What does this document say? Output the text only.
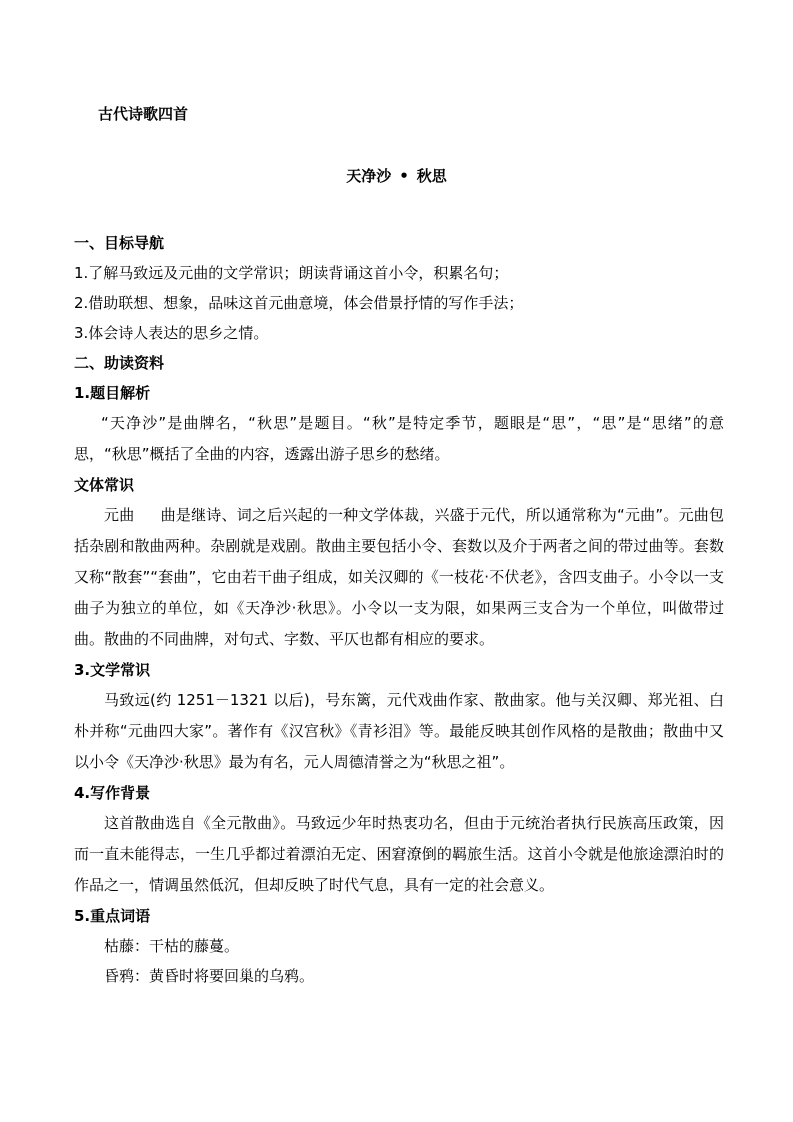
古代诗歌四首
天净沙 • 秋思
一、目标导航
1.了解马致远及元曲的文学常识；朗读背诵这首小令，积累名句；
2.借助联想、想象，品味这首元曲意境，体会借景抒情的写作手法；
3.体会诗人表达的思乡之情。
二、助读资料
1.题目解析

“天净沙”是曲牌名，“秋思”是题目。“秋”是特定季节，题眼是“思”，“思”是“思绪”的意思，“秋思”概括了全曲的内容，透露出游子思乡的愁绪。

文体常识

元曲 曲是继诗、词之后兴起的一种文学体裁，兴盛于元代，所以通常称为“元曲”。元曲包括杂剧和散曲两种。杂剧就是戏剧。散曲主要包括小令、套数以及介于两者之间的带过曲等。套数又称“散套”“套曲”，它由若干曲子组成，如关汉卿的《一枝花·不伏老》，含四支曲子。小令以一支曲子为独立的单位，如《天净沙·秋思》。小令以一支为限，如果两三支合为一个单位，叫做带过曲。散曲的不同曲牌，对句式、字数、平仄也都有相应的要求。

3.文学常识

马致远(约 1251－1321 以后)，号东篱，元代戏曲作家、散曲家。他与关汉卿、郑光祖、白朴并称“元曲四大家”。著作有《汉宫秋》《青衫泪》等。最能反映其创作风格的是散曲；散曲中又以小令《天净沙·秋思》最为有名，元人周德清誉之为“秋思之祖”。

4.写作背景

这首散曲选自《全元散曲》。马致远少年时热衷功名，但由于元统治者执行民族高压政策，因而一直未能得志，一生几乎都过着漂泊无定、困窘潦倒的羁旅生活。这首小令就是他旅途漂泊时的作品之一，情调虽然低沉，但却反映了时代气息，具有一定的社会意义。

5.重点词语
枯藤：干枯的藤蔓。
昏鸦：黄昏时将要回巢的乌鸦。
